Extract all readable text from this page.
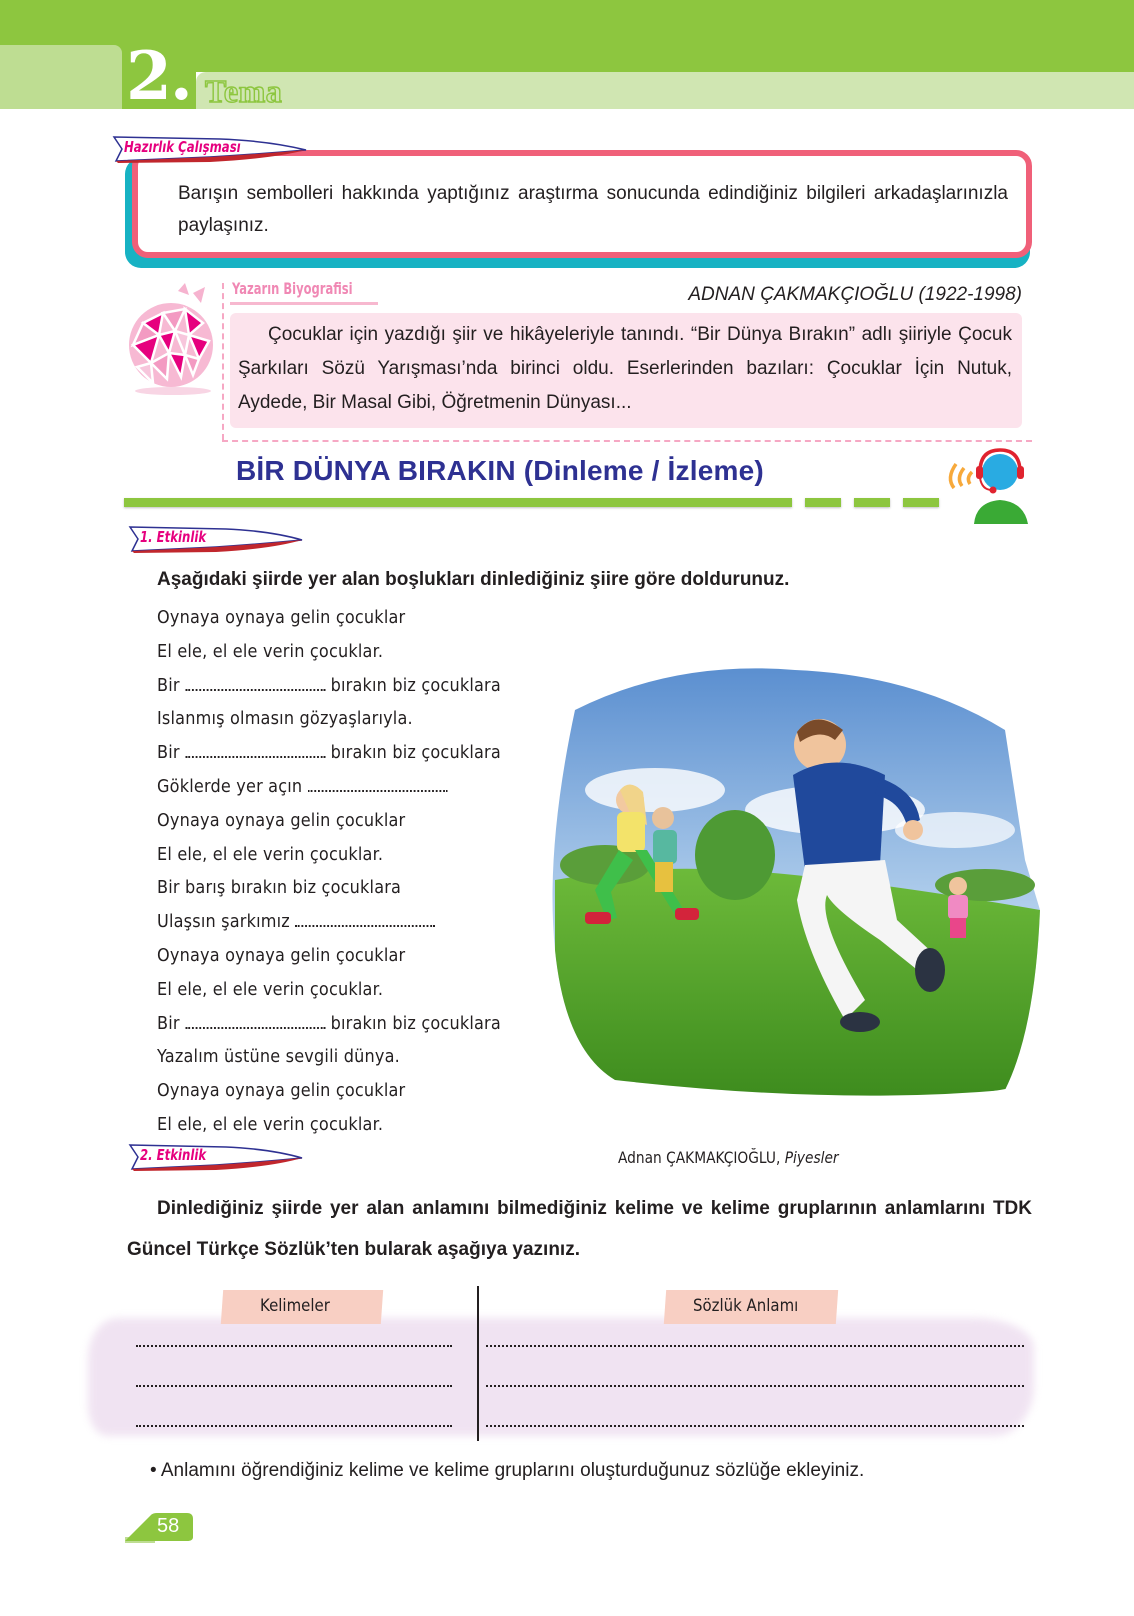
2. Tema
Hazırlık Çalışması
Barışın sembolleri hakkında yaptığınız araştırma sonucunda edindiğiniz bilgileri arkadaşlarınızla paylaşınız.
Yazarın Biyografisi	ADNAN ÇAKMAKÇIOĞLU (1922-1998)
Çocuklar için yazdığı şiir ve hikâyeleriyle tanındı. “Bir Dünya Bırakın” adlı şiiriyle Çocuk Şarkıları Sözü Yarışması’nda birinci oldu. Eserlerinden bazıları: Çocuklar İçin Nutuk, Aydede, Bir Masal Gibi, Öğretmenin Dünyası...
BİR DÜNYA BIRAKIN (Dinleme / İzleme)
1. Etkinlik
Aşağıdaki şiirde yer alan boşlukları dinlediğiniz şiire göre doldurunuz.
Oynaya oynaya gelin çocuklar
El ele, el ele verin çocuklar.
Bir	bırakın biz çocuklara
Islanmış olmasın gözyaşlarıyla.
Bir	bırakın biz çocuklara
Göklerde yer açın
Oynaya oynaya gelin çocuklar
El ele, el ele verin çocuklar.
Bir barış bırakın biz çocuklara
Ulaşsın şarkımız
Oynaya oynaya gelin çocuklar
El ele, el ele verin çocuklar.
Bir	bırakın biz çocuklara
Yazalım üstüne sevgili dünya.
Oynaya oynaya gelin çocuklar
El ele, el ele verin çocuklar.
Adnan ÇAKMAKÇIOĞLU, Piyesler
2. Etkinlik
Dinlediğiniz şiirde yer alan anlamını bilmediğiniz kelime ve kelime gruplarının anlamlarını TDK Güncel Türkçe Sözlük’ten bularak aşağıya yazınız.
Kelimeler	Sözlük Anlamı
• Anlamını öğrendiğiniz kelime ve kelime gruplarını oluşturduğunuz sözlüğe ekleyiniz.
58
